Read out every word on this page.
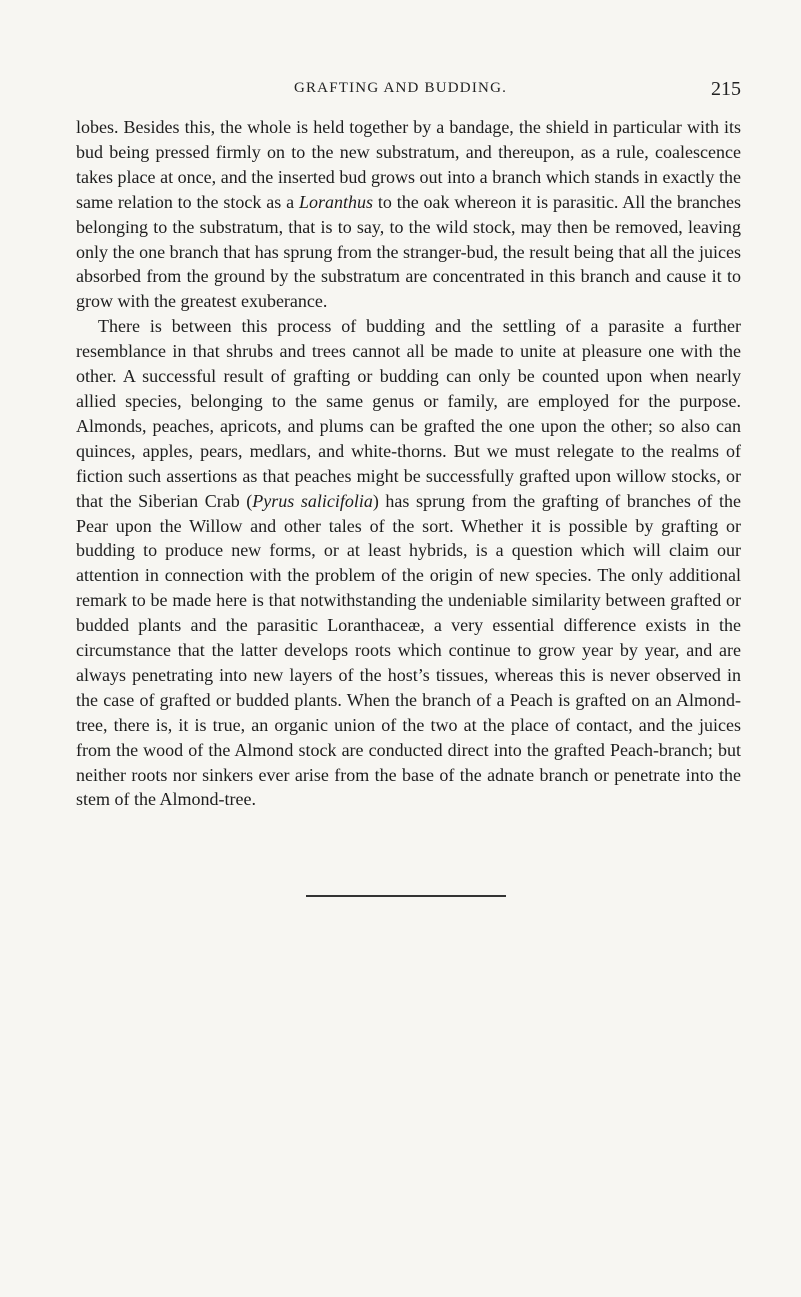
GRAFTING AND BUDDING.	215

lobes. Besides this, the whole is held together by a bandage, the shield in particular with its bud being pressed firmly on to the new substratum, and thereupon, as a rule, coalescence takes place at once, and the inserted bud grows out into a branch which stands in exactly the same relation to the stock as a Loranthus to the oak whereon it is parasitic. All the branches belonging to the substratum, that is to say, to the wild stock, may then be removed, leaving only the one branch that has sprung from the stranger-bud, the result being that all the juices absorbed from the ground by the substratum are concentrated in this branch and cause it to grow with the greatest exuberance.

There is between this process of budding and the settling of a parasite a further resemblance in that shrubs and trees cannot all be made to unite at pleasure one with the other. A successful result of grafting or budding can only be counted upon when nearly allied species, belonging to the same genus or family, are employed for the purpose. Almonds, peaches, apricots, and plums can be grafted the one upon the other; so also can quinces, apples, pears, medlars, and white-thorns. But we must relegate to the realms of fiction such assertions as that peaches might be successfully grafted upon willow stocks, or that the Siberian Crab (Pyrus salicifolia) has sprung from the grafting of branches of the Pear upon the Willow and other tales of the sort. Whether it is possible by grafting or budding to produce new forms, or at least hybrids, is a question which will claim our attention in connection with the problem of the origin of new species. The only additional remark to be made here is that notwithstanding the undeniable similarity between grafted or budded plants and the parasitic Loranthaceæ, a very essential difference exists in the circumstance that the latter develops roots which continue to grow year by year, and are always penetrating into new layers of the host’s tissues, whereas this is never observed in the case of grafted or budded plants. When the branch of a Peach is grafted on an Almond-tree, there is, it is true, an organic union of the two at the place of contact, and the juices from the wood of the Almond stock are conducted direct into the grafted Peach-branch; but neither roots nor sinkers ever arise from the base of the adnate branch or penetrate into the stem of the Almond-tree.
